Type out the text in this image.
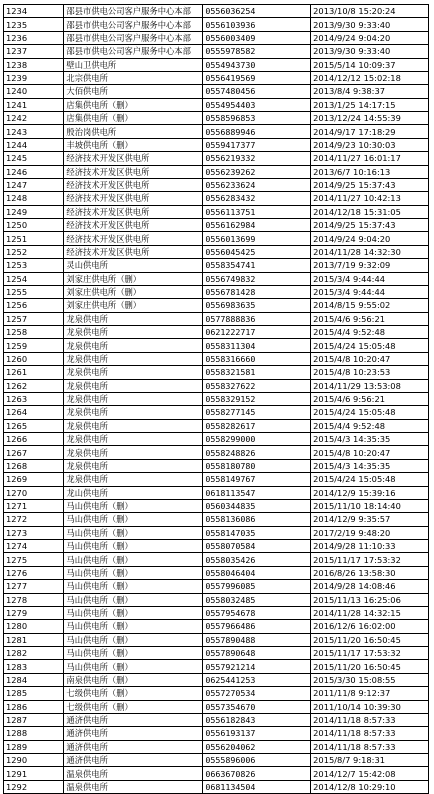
1234	邵县市供电公司客户服务中心本部	0556036254	2013/10/8 15:20:24
1235	邵县市供电公司客户服务中心本部	0556103936	2013/9/30 9:33:40
1236	邵县市供电公司客户服务中心本部	0556003409	2014/9/24 9:04:20
1237	邵县市供电公司客户服务中心本部	0555978582	2013/9/30 9:33:40
1238	壁山卫供电所	0554943730	2015/5/14 10:09:37
1239	北宗供电所	0556419569	2014/12/12 15:02:18
1240	大佰供电所	0557480456	2013/8/4 9:38:37
1241	店集供电所（删）	0554954403	2013/1/25 14:17:15
1242	店集供电所（删）	0558596853	2013/12/24 14:55:39
1243	殷治岗供电所	0556889946	2014/9/17 17:18:29
1244	丰坡供电所（删）	0559417377	2014/9/23 10:30:03
1245	经济技术开发区供电所	0556219332	2014/11/27 16:01:17
1246	经济技术开发区供电所	0556239262	2013/6/7 10:16:13
1247	经济技术开发区供电所	0556233624	2014/9/25 15:37:43
1248	经济技术开发区供电所	0556283432	2014/11/27 10:42:13
1249	经济技术开发区供电所	0556113751	2014/12/18 15:31:05
1250	经济技术开发区供电所	0556162984	2014/9/25 15:37:43
1251	经济技术开发区供电所	0556013699	2014/9/24 9:04:20
1252	经济技术开发区供电所	0556045425	2014/11/28 14:32:30
1253	灵山供电所	0558354741	2013/7/19 9:32:09
1254	刘家庄供电所（删）	0556749832	2015/3/4 9:44:44
1255	刘家庄供电所（删）	0556781428	2015/3/4 9:44:44
1256	刘家庄供电所（删）	0556983635	2014/8/15 9:55:02
1257	龙泉供电所	0577888836	2015/4/6 9:56:21
1258	龙泉供电所	0621222717	2015/4/4 9:52:48
1259	龙泉供电所	0558311304	2015/4/24 15:05:48
1260	龙泉供电所	0558316660	2015/4/8 10:20:47
1261	龙泉供电所	0558321581	2015/4/8 10:23:53
1262	龙泉供电所	0558327622	2014/11/29 13:53:08
1263	龙泉供电所	0558329152	2015/4/6 9:56:21
1264	龙泉供电所	0558277145	2015/4/24 15:05:48
1265	龙泉供电所	0558282617	2015/4/4 9:52:48
1266	龙泉供电所	0558299000	2015/4/3 14:35:35
1267	龙泉供电所	0558248826	2015/4/8 10:20:47
1268	龙泉供电所	0558180780	2015/4/3 14:35:35
1269	龙泉供电所	0558149767	2015/4/24 15:05:48
1270	龙山供电所	0618113547	2014/12/9 15:39:16
1271	马山供电所（删）	0560344835	2015/11/10 18:14:40
1272	马山供电所（删）	0558136086	2014/12/9 9:35:57
1273	马山供电所（删）	0558147035	2017/2/19 9:48:20
1274	马山供电所（删）	0558070584	2014/9/28 11:10:33
1275	马山供电所（删）	0558035426	2015/11/17 17:53:32
1276	马山供电所（删）	0558046404	2016/8/26 13:58:30
1277	马山供电所（删）	0557996085	2014/9/28 14:08:46
1278	马山供电所（删）	0558032485	2015/11/13 16:25:06
1279	马山供电所（删）	0557954678	2014/11/28 14:32:15
1280	马山供电所（删）	0557966486	2016/12/6 16:02:00
1281	马山供电所（删）	0557890488	2015/11/20 16:50:45
1282	马山供电所（删）	0557890648	2015/11/17 17:53:32
1283	马山供电所（删）	0557921214	2015/11/20 16:50:45
1284	南泉供电所（删）	0625441253	2015/3/30 15:08:55
1285	七级供电所（删）	0557270534	2011/11/8 9:12:37
1286	七级供电所（删）	0557354670	2011/10/14 10:39:30
1287	通济供电所	0556182843	2014/11/18 8:57:33
1288	通济供电所	0556193137	2014/11/18 8:57:33
1289	通济供电所	0556204062	2014/11/18 8:57:33
1290	通济供电所	0555896006	2015/8/7 9:18:31
1291	温泉供电所	0663670826	2014/12/7 15:42:08
1292	温泉供电所	0681134504	2014/12/8 10:29:10
